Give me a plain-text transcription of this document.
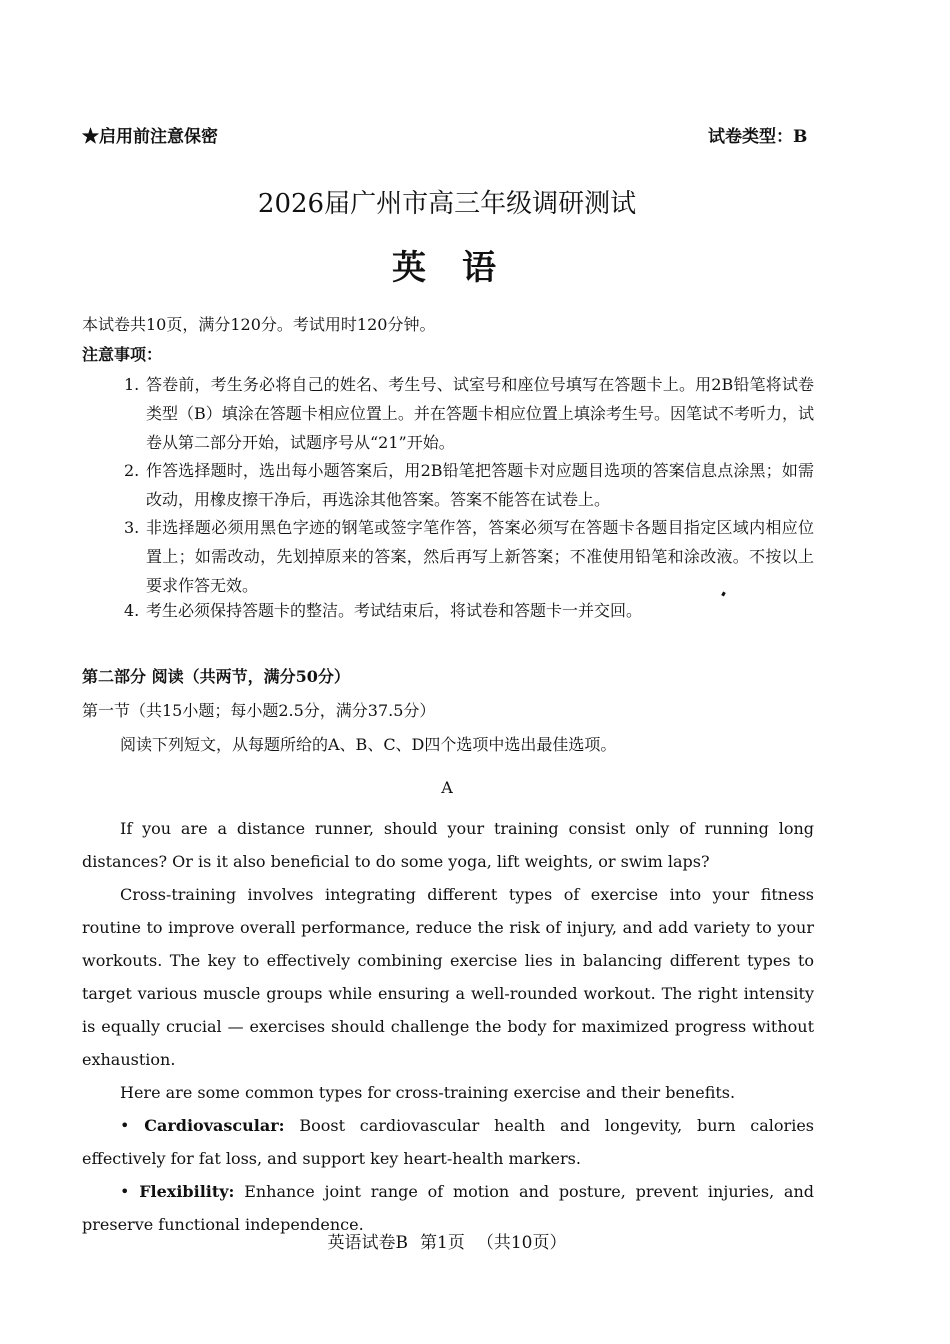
★启用前注意保密	试卷类型：B
2026届广州市高三年级调研测试
英 语
本试卷共10页，满分120分。考试用时120分钟。
注意事项：
1. 答卷前，考生务必将自己的姓名、考生号、试室号和座位号填写在答题卡上。用2B铅笔将试卷类型（B）填涂在答题卡相应位置上。并在答题卡相应位置上填涂考生号。因笔试不考听力，试卷从第二部分开始，试题序号从“21”开始。
2. 作答选择题时，选出每小题答案后，用2B铅笔把答题卡对应题目选项的答案信息点涂黑；如需改动，用橡皮擦干净后，再选涂其他答案。答案不能答在试卷上。
3. 非选择题必须用黑色字迹的钢笔或签字笔作答，答案必须写在答题卡各题目指定区域内相应位置上；如需改动，先划掉原来的答案，然后再写上新答案；不准使用铅笔和涂改液。不按以上要求作答无效。
4. 考生必须保持答题卡的整洁。考试结束后，将试卷和答题卡一并交回。
第二部分 阅读（共两节，满分50分）
第一节（共15小题；每小题2.5分，满分37.5分）
阅读下列短文，从每题所给的A、B、C、D四个选项中选出最佳选项。
A

If you are a distance runner, should your training consist only of running long distances? Or is it also beneficial to do some yoga, lift weights, or swim laps?

Cross-training involves integrating different types of exercise into your fitness routine to improve overall performance, reduce the risk of injury, and add variety to your workouts. The key to effectively combining exercise lies in balancing different types to target various muscle groups while ensuring a well-rounded workout. The right intensity is equally crucial — exercises should challenge the body for maximized progress without exhaustion.

Here are some common types for cross-training exercise and their benefits.

• Cardiovascular: Boost cardiovascular health and longevity, burn calories effectively for fat loss, and support key heart-health markers.

• Flexibility: Enhance joint range of motion and posture, prevent injuries, and preserve functional independence.

英语试卷B 第1页 （共10页）
